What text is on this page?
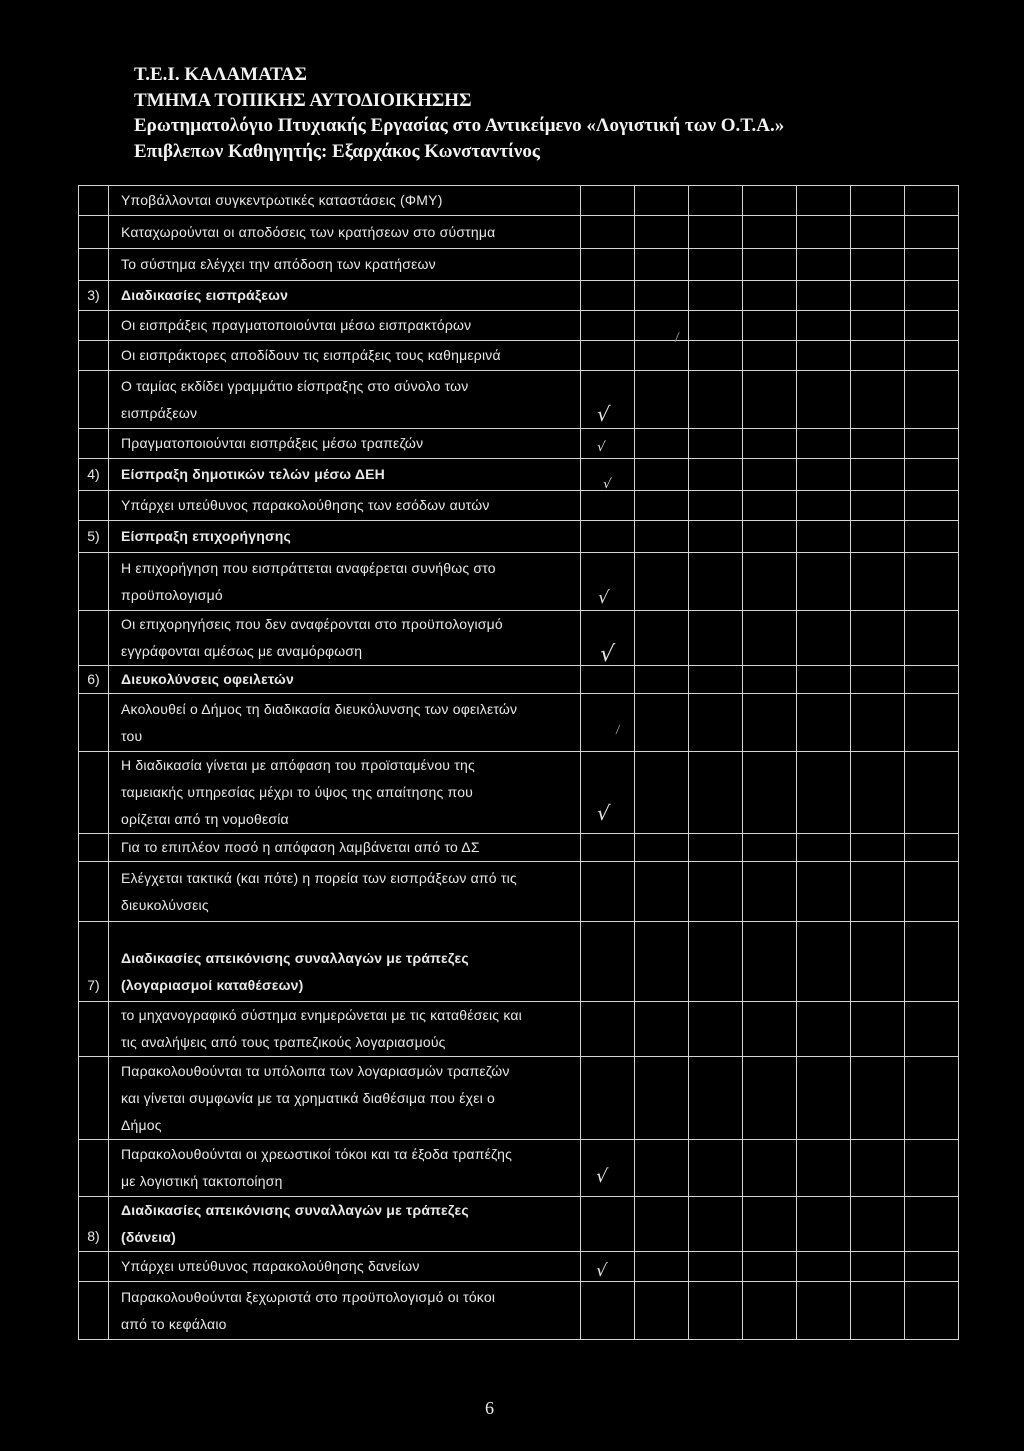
Τ.Ε.Ι. ΚΑΛΑΜΑΤΑΣ
ΤΜΗΜΑ ΤΟΠΙΚΗΣ ΑΥΤΟΔΙΟΙΚΗΣΗΣ
Ερωτηματολόγιο Πτυχιακής Εργασίας στο Αντικείμενο «Λογιστική των Ο.Τ.Α.»
Επιβλεπων Καθηγητής: Εξαρχάκος Κωνσταντίνος

	Υποβάλλονται συγκεντρωτικές καταστάσεις (ΦΜΥ)							

	Καταχωρούνται οι αποδόσεις των κρατήσεων στο σύστημα							

	Το σύστημα ελέγχει την απόδοση των κρατήσεων							

3)	Διαδικασίες εισπράξεων							

	Οι εισπράξεις πραγματοποιούνται μέσω εισπρακτόρων		/					

	Οι εισπράκτορες αποδίδουν τις εισπράξεις τους καθημερινά							

	Ο ταμίας εκδίδει γραμμάτιο είσπραξης στο σύνολο των
εισπράξεων	√						

	Πραγματοποιούνται εισπράξεις μέσω τραπεζών	√						

4)	Είσπραξη δημοτικών τελών μέσω ΔΕΗ	√						

	Υπάρχει υπεύθυνος παρακολούθησης των εσόδων αυτών							

5)	Είσπραξη επιχορήγησης							

	Η επιχορήγηση που εισπράττεται αναφέρεται συνήθως στο
προϋπολογισμό	√						

	Οι επιχορηγήσεις που δεν αναφέρονται στο προϋπολογισμό
εγγράφονται αμέσως με αναμόρφωση	√						

6)	Διευκολύνσεις οφειλετών							

	Ακολουθεί ο Δήμος τη διαδικασία διευκόλυνσης των οφειλετών
του	/						

	Η διαδικασία γίνεται με απόφαση του προϊσταμένου της
ταμειακής υπηρεσίας μέχρι το ύψος της απαίτησης που
ορίζεται από τη νομοθεσία	√						

	Για το επιπλέον ποσό η απόφαση λαμβάνεται από το ΔΣ							

	Ελέγχεται τακτικά (και πότε) η πορεία των εισπράξεων από τις
διευκολύνσεις							

7)	Διαδικασίες απεικόνισης συναλλαγών με τράπεζες
(λογαριασμοί καταθέσεων)							

	το μηχανογραφικό σύστημα ενημερώνεται με τις καταθέσεις και
τις αναλήψεις από τους τραπεζικούς λογαριασμούς							

	Παρακολουθούνται τα υπόλοιπα των λογαριασμών τραπεζών
και γίνεται συμφωνία με τα χρηματικά διαθέσιμα που έχει ο
Δήμος							

	Παρακολουθούνται οι χρεωστικοί τόκοι και τα έξοδα τραπέζης
με λογιστική τακτοποίηση	√						

8)	Διαδικασίες απεικόνισης συναλλαγών με τράπεζες
(δάνεια)							

	Υπάρχει υπεύθυνος παρακολούθησης δανείων	√						

	Παρακολουθούνται ξεχωριστά στο προϋπολογισμό οι τόκοι
από το κεφάλαιο							

6
